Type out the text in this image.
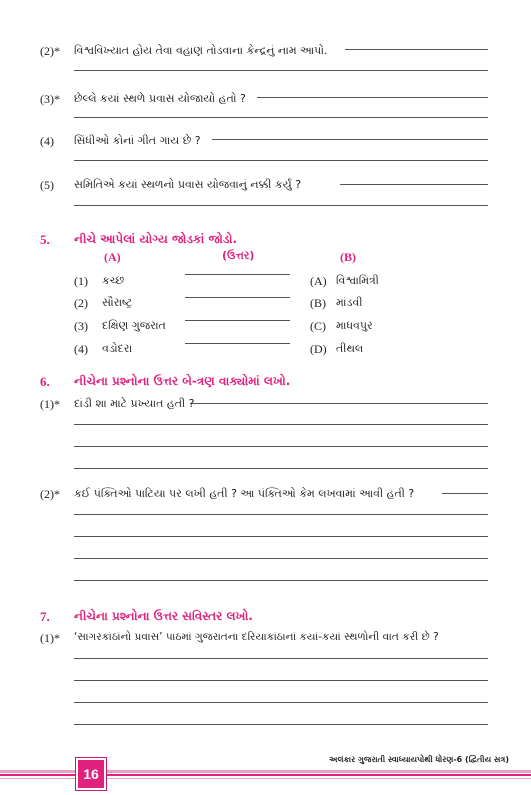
(2)* વિશ્વવિખ્યાત હોય તેવા વહાણ તોડવાના કેન્દ્રનું નામ આપો.
(3)* છેલ્લે કયાં સ્થળે પ્રવાસ યોજાયો હતો ?
(4) સિંધીઓ કોનાં ગીત ગાય છે ?
(5) સમિતિએ કયાં સ્થળનો પ્રવાસ યોજવાનું નક્કી કર્યું ?
5. નીચે આપેલાં યોગ્ય જોડકાં જોડો.
(A)	(ઉત્તર)	(B)
(1) કચ્છ	(A) વિશ્વામિત્રી
(2) સૌરાષ્ટ્ર	(B) માંડવી
(3) દક્ષિણ ગુજરાત	(C) માધવપુર
(4) વડોદરા	(D) તીથલ
6. નીચેના પ્રશ્નોના ઉત્તર બે-ત્રણ વાક્યોમાં લખો.
(1)* દાંડી શા માટે પ્રખ્યાત હતી ?
(2)* કઈ પંક્તિઓ પાટિયા પર લખી હતી ? આ પંક્તિઓ કેમ લખવામાં આવી હતી ?
7. નીચેના પ્રશ્નોના ઉત્તર સવિસ્તર લખો.
(1)* ‘સાગરકાંઠાંનો પ્રવાસ’ પાઠમાં ગુજરાતના દરિયાકાંઠાનાં કયાં-કયાં સ્થળોની વાત કરી છે ?
16
અલંકાર ગુજરાતી સ્વાધ્યાયપોથી ધોરણ-6 (દ્વિતીય સત્ર)
